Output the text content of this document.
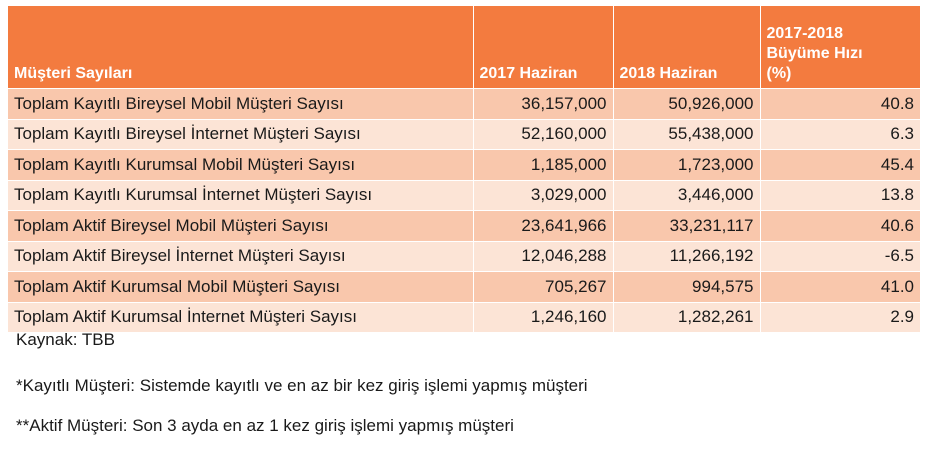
Müşteri Sayıları	2017 Haziran	2018 Haziran	2017-2018
Büyüme Hızı
(%)
Toplam Kayıtlı Bireysel Mobil Müşteri Sayısı	36,157,000	50,926,000	40.8
Toplam Kayıtlı Bireysel İnternet Müşteri Sayısı	52,160,000	55,438,000	6.3
Toplam Kayıtlı Kurumsal Mobil Müşteri Sayısı	1,185,000	1,723,000	45.4
Toplam Kayıtlı Kurumsal İnternet Müşteri Sayısı	3,029,000	3,446,000	13.8
Toplam Aktif Bireysel Mobil Müşteri Sayısı	23,641,966	33,231,117	40.6
Toplam Aktif Bireysel İnternet Müşteri Sayısı	12,046,288	11,266,192	-6.5
Toplam Aktif Kurumsal Mobil Müşteri Sayısı	705,267	994,575	41.0
Toplam Aktif Kurumsal İnternet Müşteri Sayısı	1,246,160	1,282,261	2.9

Kaynak: TBB

*Kayıtlı Müşteri: Sistemde kayıtlı ve en az bir kez giriş işlemi yapmış müşteri

**Aktif Müşteri: Son 3 ayda en az 1 kez giriş işlemi yapmış müşteri
